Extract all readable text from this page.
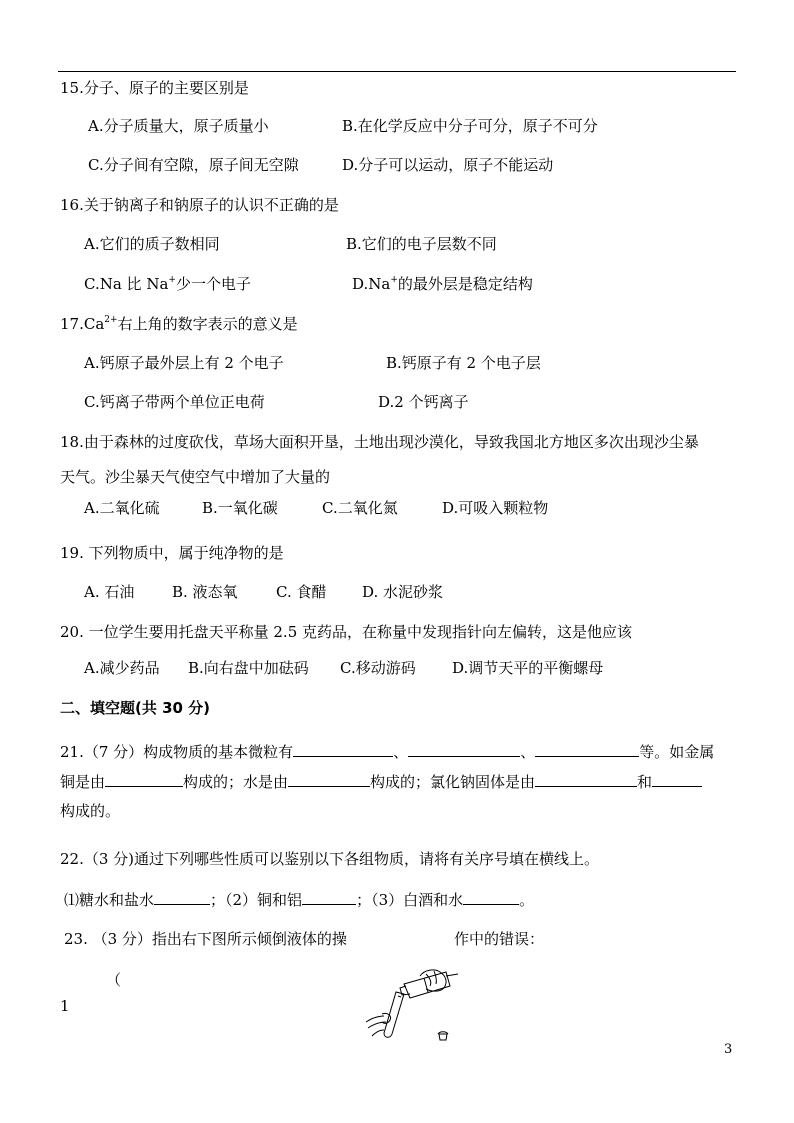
15.分子、原子的主要区别是
A.分子质量大，原子质量小	B.在化学反应中分子可分，原子不可分
C.分子间有空隙，原子间无空隙	D.分子可以运动，原子不能运动
16.关于钠离子和钠原子的认识不正确的是
A.它们的质子数相同	B.它们的电子层数不同
C.Na 比 Na+少一个电子	D.Na+的最外层是稳定结构
$17.Ca^{2+}$右上角的数字表示的意义是
A.钙原子最外层上有 2 个电子	B.钙原子有 2 个电子层
C.钙离子带两个单位正电荷	D.2 个钙离子
18.由于森林的过度砍伐，草场大面积开垦，土地出现沙漠化，导致我国北方地区多次出现沙尘暴
天气。沙尘暴天气使空气中增加了大量的
A.二氧化硫	B.一氧化碳	C.二氧化氮	D.可吸入颗粒物
19. 下列物质中，属于纯净物的是
A. 石油	B. 液态氧	C. 食醋 D. 水泥砂浆
20. 一位学生要用托盘天平称量 2.5 克药品，在称量中发现指针向左偏转，这是他应该
A.减少药品 B.向右盘中加砝码 C.移动游码 D.调节天平的平衡螺母
二、填空题(共 30 分)
21.（7 分）构成物质的基本微粒有	、	、	等。如金属
铜是由	构成的；水是由	构成的；氯化钠固体是由	和
构成的。
22.（3 分)通过下列哪些性质可以鉴别以下各组物质，请将有关序号填在横线上。
⑴糖水和盐水	；（2）铜和铝	；（3）白酒和水	。
23. （3 分）指出右下图所示倾倒液体的操	作中的错误：
（
1
3
